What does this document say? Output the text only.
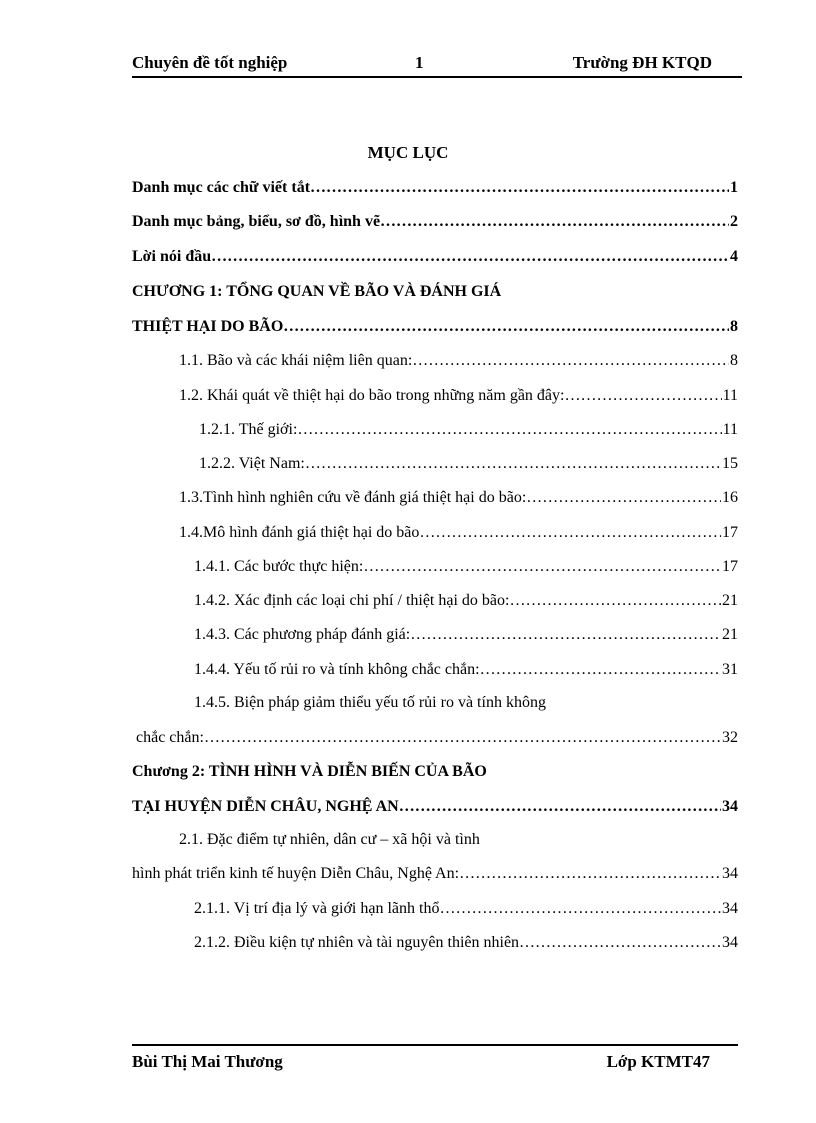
Chuyên đề tốt nghiệp	1	Trường ĐH KTQD
MỤC LỤC
Danh mục các chữ viết tắt …………………………………………………………………………………………………………………………………………………………………………………………………………	1
Danh mục bảng, biểu, sơ đồ, hình vẽ …………………………………………………………………………………………………………………………………………………………………………………………………………	2
Lời nói đầu …………………………………………………………………………………………………………………………………………………………………………………………………………	4
CHƯƠNG 1: TỔNG QUAN VỀ BÃO VÀ ĐÁNH GIÁ
THIỆT HẠI DO BÃO …………………………………………………………………………………………………………………………………………………………………………………………………………	8
1.1. Bão và các khái niệm liên quan: …………………………………………………………………………………………………………………………………………………………………………………………………………	8
1.2. Khái quát về thiệt hại do bão trong những năm gần đây: …………………………………………………………………………………………………………………………………………………………………………………………………………	11
1.2.1. Thế giới: …………………………………………………………………………………………………………………………………………………………………………………………………………	11
1.2.2. Việt Nam: …………………………………………………………………………………………………………………………………………………………………………………………………………	15
1.3.Tình hình nghiên cứu về đánh giá thiệt hại do bão: …………………………………………………………………………………………………………………………………………………………………………………………………………	16
1.4.Mô hình đánh giá thiệt hại do bão …………………………………………………………………………………………………………………………………………………………………………………………………………	17
1.4.1. Các bước thực hiện: …………………………………………………………………………………………………………………………………………………………………………………………………………	17
1.4.2. Xác định các loại chi phí / thiệt hại do bão: …………………………………………………………………………………………………………………………………………………………………………………………………………	21
1.4.3. Các phương pháp đánh giá: …………………………………………………………………………………………………………………………………………………………………………………………………………	21
1.4.4. Yếu tố rủi ro và tính không chắc chắn: …………………………………………………………………………………………………………………………………………………………………………………………………………	31
1.4.5. Biện pháp giảm thiểu yếu tố rủi ro và tính không
chắc chắn: …………………………………………………………………………………………………………………………………………………………………………………………………………	32
Chương 2: TÌNH HÌNH VÀ DIỄN BIẾN CỦA BÃO
TẠI HUYỆN DIỄN CHÂU, NGHỆ AN …………………………………………………………………………………………………………………………………………………………………………………………………………	34
2.1. Đặc điểm tự nhiên, dân cư – xã hội và tình
hình phát triển kinh tế huyện Diễn Châu, Nghệ An: …………………………………………………………………………………………………………………………………………………………………………………………………………	34
2.1.1. Vị trí địa lý và giới hạn lãnh thổ …………………………………………………………………………………………………………………………………………………………………………………………………………	34
2.1.2. Điều kiện tự nhiên và tài nguyên thiên nhiên …………………………………………………………………………………………………………………………………………………………………………………………………………	34
Bùi Thị Mai Thương	Lớp KTMT47
